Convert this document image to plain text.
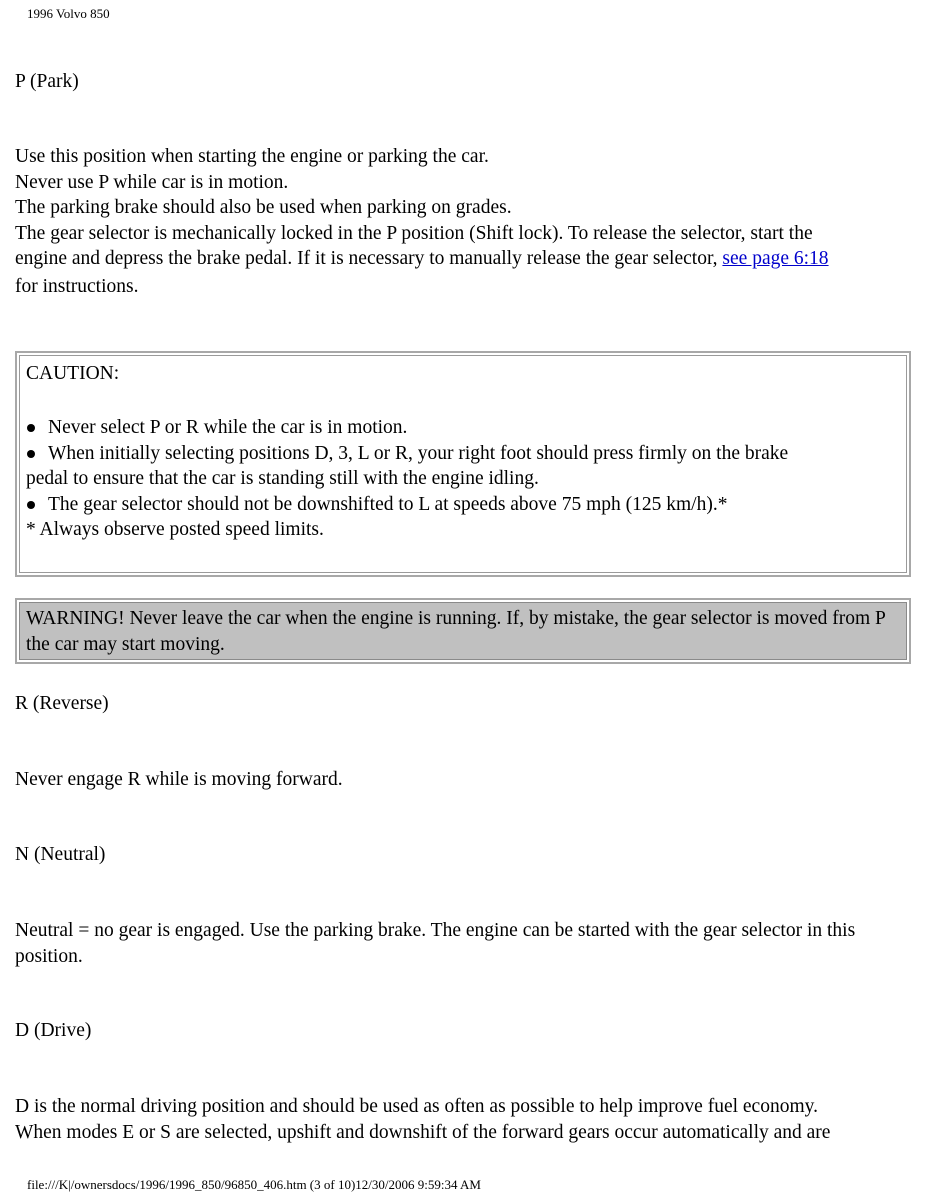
1996 Volvo 850
P (Park)
Use this position when starting the engine or parking the car.
Never use P while car is in motion.
The parking brake should also be used when parking on grades.
The gear selector is mechanically locked in the P position (Shift lock). To release the selector, start the
engine and depress the brake pedal. If it is necessary to manually release the gear selector, see page 6:18
for instructions.
CAUTION:
Never select P or R while the car is in motion.
When initially selecting positions D, 3, L or R, your right foot should press firmly on the brake
pedal to ensure that the car is standing still with the engine idling.
The gear selector should not be downshifted to L at speeds above 75 mph (125 km/h).*
* Always observe posted speed limits.
WARNING! Never leave the car when the engine is running. If, by mistake, the gear selector is moved from P the car may start moving.
R (Reverse)
Never engage R while is moving forward.
N (Neutral)
Neutral = no gear is engaged. Use the parking brake. The engine can be started with the gear selector in this position.
D (Drive)
D is the normal driving position and should be used as often as possible to help improve fuel economy.
When modes E or S are selected, upshift and downshift of the forward gears occur automatically and are
file:///K|/ownersdocs/1996/1996_850/96850_406.htm (3 of 10)12/30/2006 9:59:34 AM
